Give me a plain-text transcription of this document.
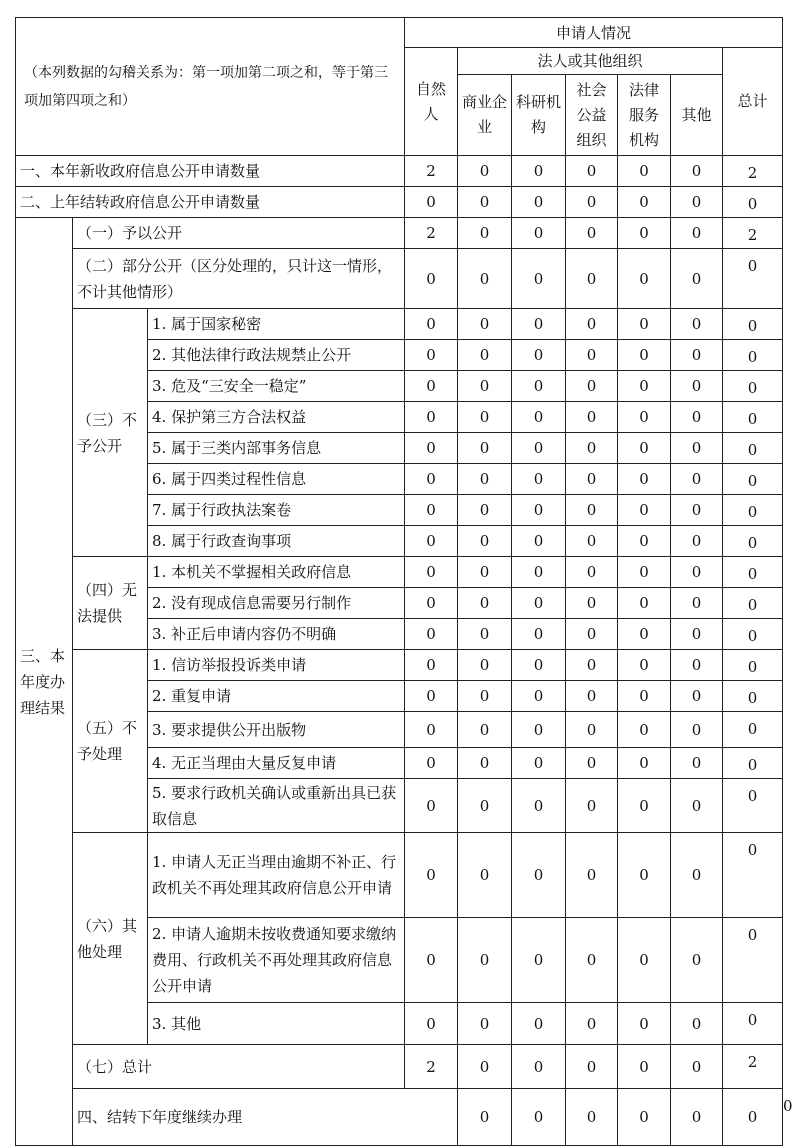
（本列数据的勾稽关系为：第一项加第二项之和，等于第三项加第四项之和）			申请人情况							
			自然人	法人或其他组织					总计	
				商业企业	科研机构	社会公益组织	法律服务机构	其他		
一、本年新收政府信息公开申请数量			2	0	0	0	0	0	2	
二、上年结转政府信息公开申请数量			0	0	0	0	0	0	0	
三、本年度办理结果	（一）予以公开		2	0	0	0	0	0	2	
	（二）部分公开（区分处理的，只计这一情形，不计其他情形）		0	0	0	0	0	0	0	
	（三）不予公开	1. 属于国家秘密	0	0	0	0	0	0	0	
		2. 其他法律行政法规禁止公开	0	0	0	0	0	0	0	
		3. 危及“三安全一稳定”	0	0	0	0	0	0	0	
		4. 保护第三方合法权益	0	0	0	0	0	0	0	
		5. 属于三类内部事务信息	0	0	0	0	0	0	0	
		6. 属于四类过程性信息	0	0	0	0	0	0	0	
		7. 属于行政执法案卷	0	0	0	0	0	0	0	
		8. 属于行政查询事项	0	0	0	0	0	0	0	
	（四）无法提供	1. 本机关不掌握相关政府信息	0	0	0	0	0	0	0	
		2. 没有现成信息需要另行制作	0	0	0	0	0	0	0	
		3. 补正后申请内容仍不明确	0	0	0	0	0	0	0	
	（五）不予处理	1. 信访举报投诉类申请	0	0	0	0	0	0	0	
		2. 重复申请	0	0	0	0	0	0	0	
		3. 要求提供公开出版物	0	0	0	0	0	0	0	
		4. 无正当理由大量反复申请	0	0	0	0	0	0	0	
		5. 要求行政机关确认或重新出具已获取信息	0	0	0	0	0	0	0	
	（六）其他处理	1. 申请人无正当理由逾期不补正、行政机关不再处理其政府信息公开申请	0	0	0	0	0	0	0	
		2. 申请人逾期未按收费通知要求缴纳费用、行政机关不再处理其政府信息公开申请	0	0	0	0	0	0	0	
		3. 其他	0	0	0	0	0	0	0	
	（七）总计		2	0	0	0	0	0	2	
	四、结转下年度继续办理			0	0	0	0	0	0	0
